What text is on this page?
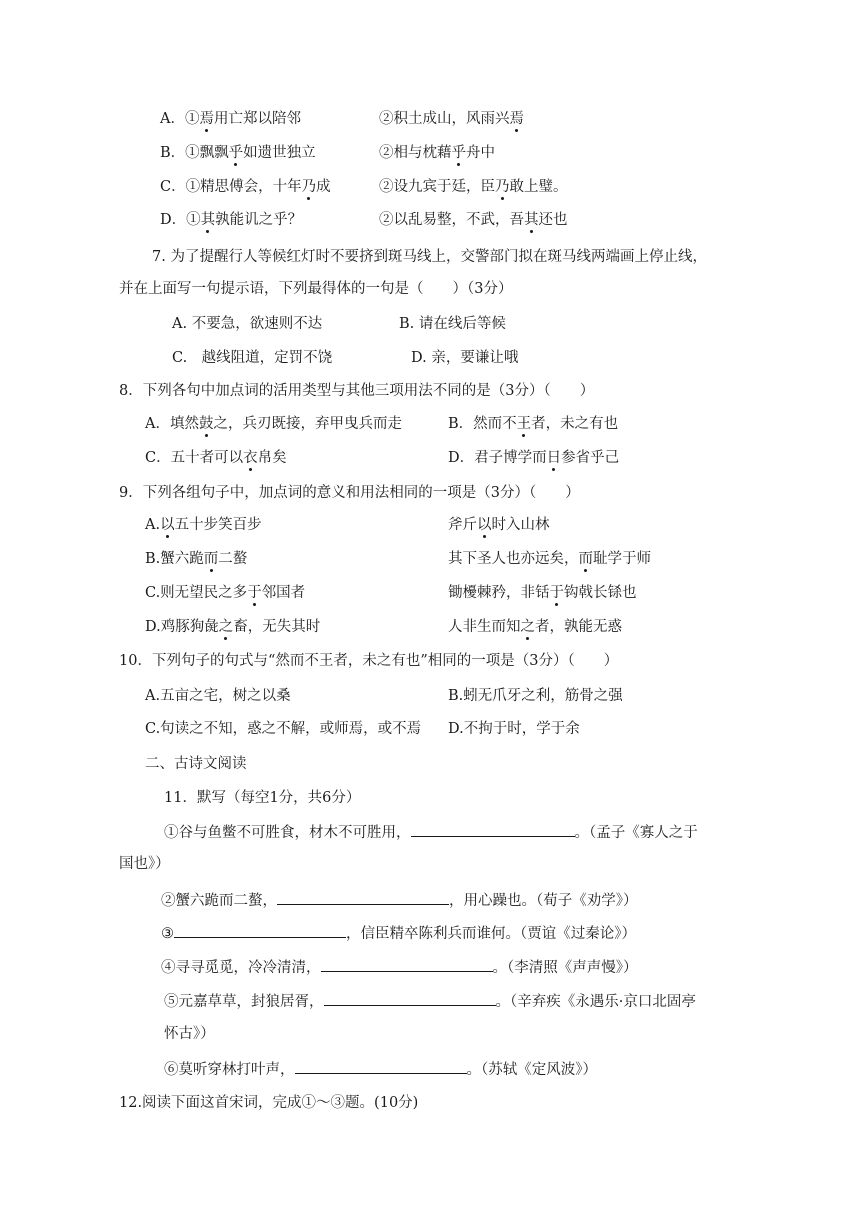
A．①焉用亡郑以陪邻	②积土成山，风雨兴焉
B．①飘飘乎如遗世独立	②相与枕藉乎舟中
C．①精思傅会，十年乃成	②设九宾于廷，臣乃敢上璧。
D．①其孰能讥之乎？	②以乱易整，不武，吾其还也
7. 为了提醒行人等候红灯时不要挤到斑马线上，交警部门拟在斑马线两端画上停止线，
并在上面写一句提示语，下列最得体的一句是（　　）（3分）
A. 不要急，欲速则不达	B. 请在线后等候
C.　越线阻道，定罚不饶	D. 亲，要谦让哦
8．下列各句中加点词的活用类型与其他三项用法不同的是（3分）（　　）
A．填然鼓之，兵刃既接，弃甲曳兵而走	B．然而不王者，未之有也
C．五十者可以衣帛矣	D．君子博学而日参省乎己
9．下列各组句子中，加点词的意义和用法相同的一项是（3分）（　　）
A.以五十步笑百步	斧斤以时入山林
B.蟹六跪而二螯	其下圣人也亦远矣，而耻学于师
C.则无望民之多于邻国者	锄櫌棘矜，非铦于钩戟长铩也
D.鸡豚狗彘之畜，无失其时	人非生而知之者，孰能无惑
10．下列句子的句式与“然而不王者，未之有也”相同的一项是（3分）（　　）
A.五亩之宅，树之以桑	B.蚓无爪牙之利，筋骨之强
C.句读之不知，惑之不解，或师焉，或不焉 D.不拘于时，学于余
二、古诗文阅读
11．默写（每空1分，共6分）
①谷与鱼鳖不可胜食，材木不可胜用，	。（孟子《寡人之于
国也》）
②蟹六跪而二螯，	，用心躁也。（荀子《劝学》）
③	，信臣精卒陈利兵而谁何。（贾谊《过秦论》）
④寻寻觅觅，冷冷清清，	。（李清照《声声慢》）
⑤元嘉草草，封狼居胥，	。（辛弃疾《永遇乐·京口北固亭
怀古》）
⑥莫听穿林打叶声，	。（苏轼《定风波》）
12.阅读下面这首宋词，完成①～③题。(10分)
